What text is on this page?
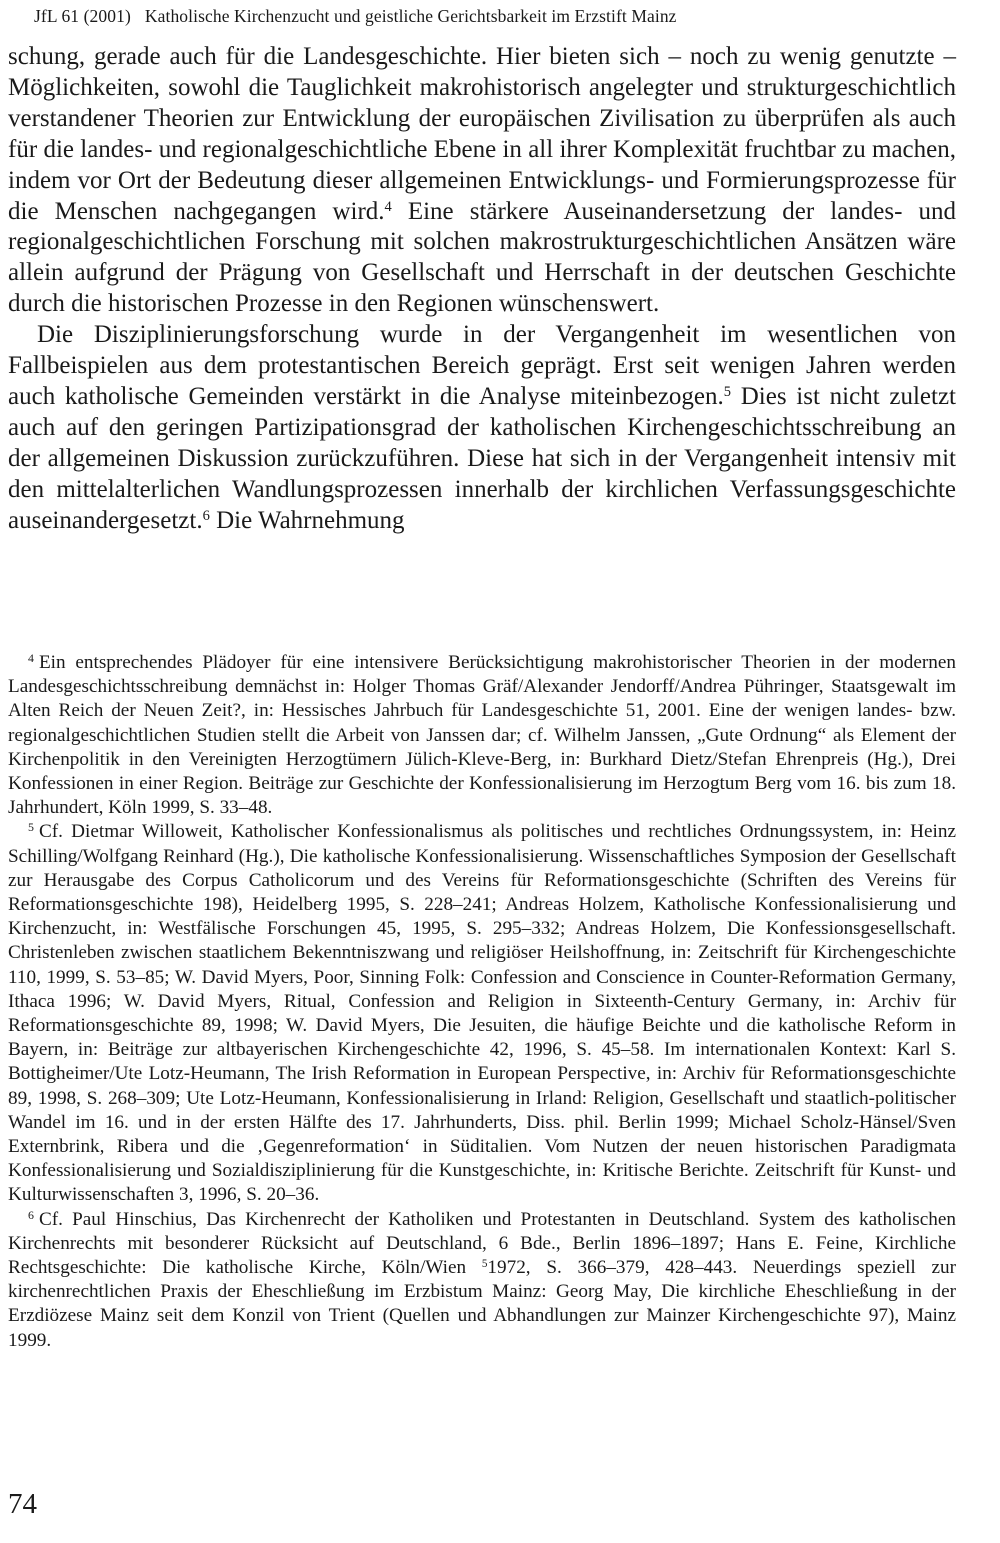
JfL 61 (2001) Katholische Kirchenzucht und geistliche Gerichtsbarkeit im Erzstift Mainz

schung, gerade auch für die Landesgeschichte. Hier bieten sich – noch zu wenig genutzte – Möglichkeiten, sowohl die Tauglichkeit makrohistorisch angelegter und strukturgeschichtlich verstandener Theorien zur Entwicklung der europäischen Zivilisation zu überprüfen als auch für die landes- und regionalgeschichtliche Ebene in all ihrer Komplexität fruchtbar zu machen, indem vor Ort der Bedeutung dieser allgemeinen Entwicklungs- und Formierungsprozesse für die Menschen nachgegangen wird.$^4$ Eine stärkere Auseinandersetzung der landes- und regionalgeschichtlichen Forschung mit solchen makrostrukturgeschichtlichen Ansätzen wäre allein aufgrund der Prägung von Gesellschaft und Herrschaft in der deutschen Geschichte durch die historischen Prozesse in den Regionen wünschenswert.

Die Disziplinierungsforschung wurde in der Vergangenheit im wesentlichen von Fallbeispielen aus dem protestantischen Bereich geprägt. Erst seit wenigen Jahren werden auch katholische Gemeinden verstärkt in die Analyse miteinbezogen.$^5$ Dies ist nicht zuletzt auch auf den geringen Partizipationsgrad der katholischen Kirchengeschichtsschreibung an der allgemeinen Diskussion zurückzuführen. Diese hat sich in der Vergangenheit intensiv mit den mittelalterlichen Wandlungsprozessen innerhalb der kirchlichen Verfassungsgeschichte auseinandergesetzt.$^6$ Die Wahrnehmung

$^4$ Ein entsprechendes Plädoyer für eine intensivere Berücksichtigung makrohistorischer Theorien in der modernen Landesgeschichtsschreibung demnächst in: Holger Thomas Gräf/Alexander Jendorff/Andrea Pühringer, Staatsgewalt im Alten Reich der Neuen Zeit?, in: Hessisches Jahrbuch für Landesgeschichte 51, 2001. Eine der wenigen landes- bzw. regionalgeschichtlichen Studien stellt die Arbeit von Janssen dar; cf. Wilhelm Janssen, „Gute Ordnung“ als Element der Kirchenpolitik in den Vereinigten Herzogtümern Jülich-Kleve-Berg, in: Burkhard Dietz/Stefan Ehrenpreis (Hg.), Drei Konfessionen in einer Region. Beiträge zur Geschichte der Konfessionalisierung im Herzogtum Berg vom 16. bis zum 18. Jahrhundert, Köln 1999, S. 33–48.

$^5$ Cf. Dietmar Willoweit, Katholischer Konfessionalismus als politisches und rechtliches Ordnungssystem, in: Heinz Schilling/Wolfgang Reinhard (Hg.), Die katholische Konfessionalisierung. Wissenschaftliches Symposion der Gesellschaft zur Herausgabe des Corpus Catholicorum und des Vereins für Reformationsgeschichte (Schriften des Vereins für Reformationsgeschichte 198), Heidelberg 1995, S. 228–241; Andreas Holzem, Katholische Konfessionalisierung und Kirchenzucht, in: Westfälische Forschungen 45, 1995, S. 295–332; Andreas Holzem, Die Konfessionsgesellschaft. Christenleben zwischen staatlichem Bekenntniszwang und religiöser Heilshoffnung, in: Zeitschrift für Kirchengeschichte 110, 1999, S. 53–85; W. David Myers, Poor, Sinning Folk: Confession and Conscience in Counter-Reformation Germany, Ithaca 1996; W. David Myers, Ritual, Confession and Religion in Sixteenth-Century Germany, in: Archiv für Reformationsgeschichte 89, 1998; W. David Myers, Die Jesuiten, die häufige Beichte und die katholische Reform in Bayern, in: Beiträge zur altbayerischen Kirchengeschichte 42, 1996, S. 45–58. Im internationalen Kontext: Karl S. Bottigheimer/Ute Lotz-Heumann, The Irish Reformation in European Perspective, in: Archiv für Reformationsgeschichte 89, 1998, S. 268–309; Ute Lotz-Heumann, Konfessionalisierung in Irland: Religion, Gesellschaft und staatlich-politischer Wandel im 16. und in der ersten Hälfte des 17. Jahrhunderts, Diss. phil. Berlin 1999; Michael Scholz-Hänsel/Sven Externbrink, Ribera und die ‚Gegenreformation‘ in Süditalien. Vom Nutzen der neuen historischen Paradigmata Konfessionalisierung und Sozialdisziplinierung für die Kunstgeschichte, in: Kritische Berichte. Zeitschrift für Kunst- und Kulturwissenschaften 3, 1996, S. 20–36.

$^6$ Cf. Paul Hinschius, Das Kirchenrecht der Katholiken und Protestanten in Deutschland. System des katholischen Kirchenrechts mit besonderer Rücksicht auf Deutschland, 6 Bde., Berlin 1896–1897; Hans E. Feine, Kirchliche Rechtsgeschichte: Die katholische Kirche, Köln/Wien $^5$1972, S. 366–379, 428–443. Neuerdings speziell zur kirchenrechtlichen Praxis der Eheschließung im Erzbistum Mainz: Georg May, Die kirchliche Eheschließung in der Erzdiözese Mainz seit dem Konzil von Trient (Quellen und Abhandlungen zur Mainzer Kirchengeschichte 97), Mainz 1999.

74
